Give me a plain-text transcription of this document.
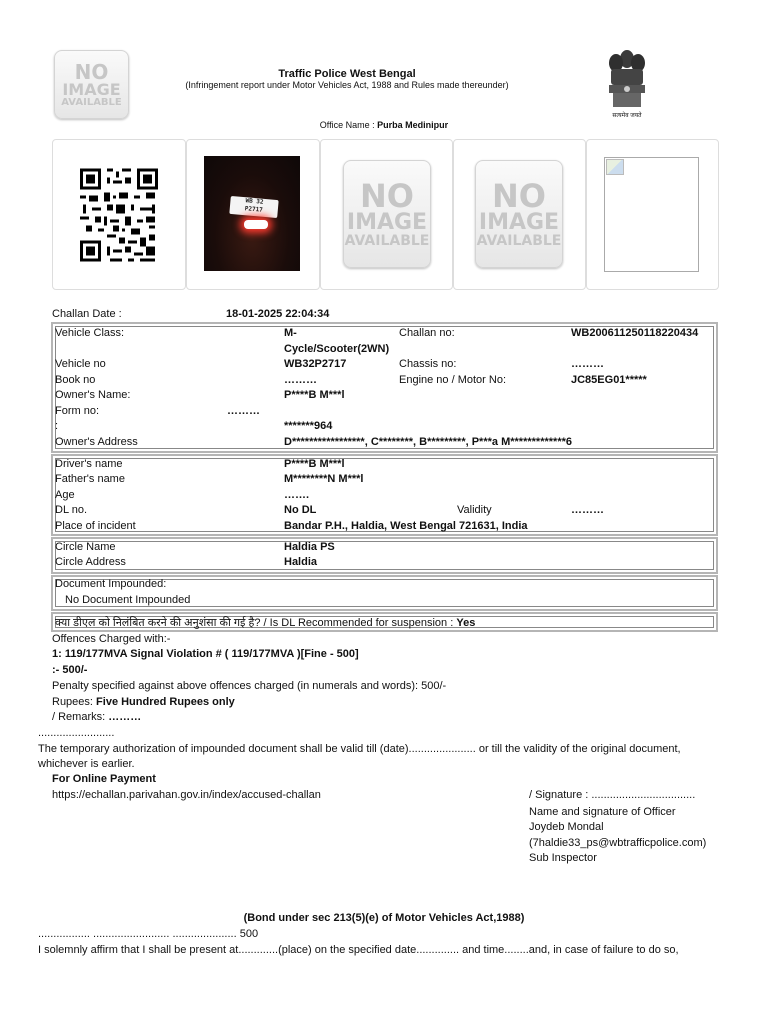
NO
IMAGE
AVAILABLE
Traffic Police West Bengal
(Infringement report under Motor Vehicles Act, 1988 and Rules made thereunder)
सत्यमेव जयते
Office Name : Purba Medinipur
WB 32
P2717	NO
IMAGE
AVAILABLE
NO
IMAGE
AVAILABLE
Challan Date :	18-01-2025 22:04:34
Vehicle Class:	M-
Cycle/Scooter(2WN)
Challan no:	WB20061125011822043​4
Vehicle no	WB32P2717	Chassis no:	………
Book no	………	Engine no / Motor No:	JC85EG01*****
Owner's Name:	P****B M***l
Form no:	………
:	*******964
Owner's Address	D*****************, C********, B*********, P***a M*************6
Driver's name	P****B M***l
Father's name	M********N M***l
Age	…….
DL no.	No DL	Validity	………
Place of incident	Bandar P.H., Haldia, West Bengal 721631, India
Circle Name	Haldia PS
Circle Address	Haldia
Document Impounded:
No Document Impounded
क्या डीएल को निलंबित करने की अनुशंसा की गई है? / Is DL Recommended for suspension : Yes
Offences Charged with:-
1: 119/177MVA Signal Violation # ( 119/177MVA )[Fine - 500]
:- 500/-
Penalty specified against above offences charged (in numerals and words): 500/-
Rupees: Five Hundred Rupees only
/ Remarks: ………
.........................
The temporary authorization of impounded document shall be valid till (date)...................... or till the validity of the original document,
whichever is earlier.
For Online Payment
https://echallan.parivahan.gov.in/index/accused-challan	/ Signature : ..................................
Name and signature of Officer
Joydeb Mondal
(7haldie33_ps@wbtrafficpolice.com)
Sub Inspector
(Bond under sec 213(5)(e) of Motor Vehicles Act,1988)
................. ......................... ..................... 500
I solemnly affirm that I shall be present at.............(place) on the specified date.............. and time........and, in case of failure to do so,
